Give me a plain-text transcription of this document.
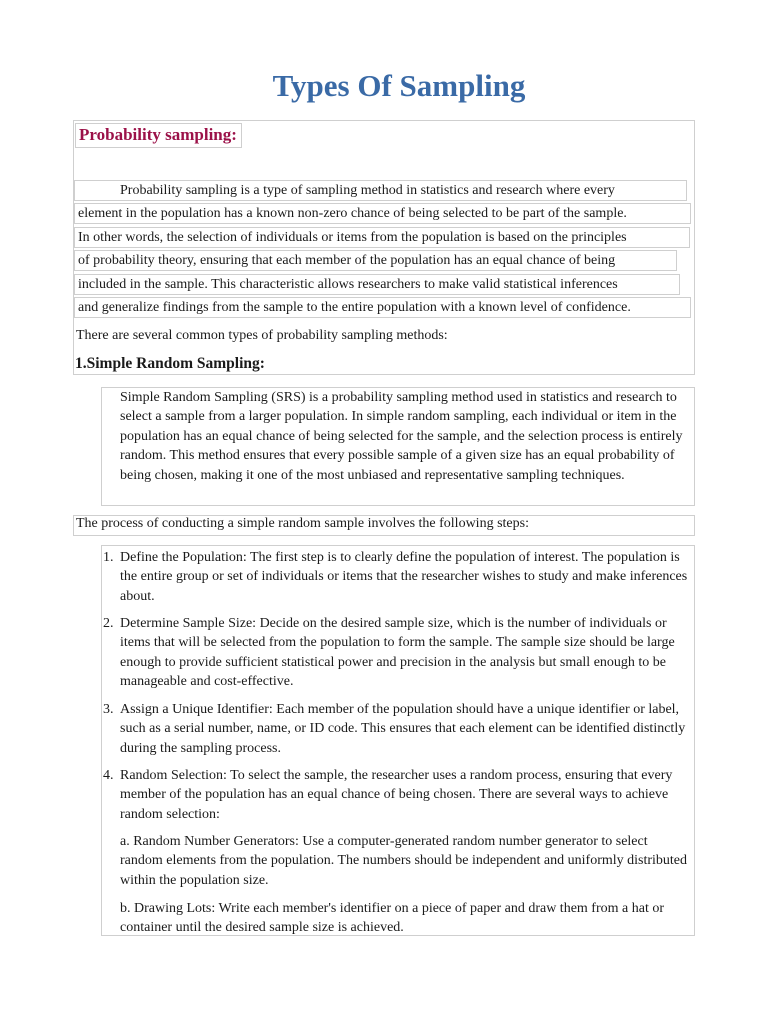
Types Of Sampling
Probability sampling:
Probability sampling is a type of sampling method in statistics and research where every
element in the population has a known non-zero chance of being selected to be part of the sample.
In other words, the selection of individuals or items from the population is based on the principles
of probability theory, ensuring that each member of the population has an equal chance of being
included in the sample. This characteristic allows researchers to make valid statistical inferences
and generalize findings from the sample to the entire population with a known level of confidence.
There are several common types of probability sampling methods:
1.Simple Random Sampling:
Simple Random Sampling (SRS) is a probability sampling method used in statistics and research to select a sample from a larger population. In simple random sampling, each individual or item in the population has an equal chance of being selected for the sample, and the selection process is entirely random. This method ensures that every possible sample of a given size has an equal probability of being chosen, making it one of the most unbiased and representative sampling techniques.
The process of conducting a simple random sample involves the following steps:
1. Define the Population: The first step is to clearly define the population of interest. The population is the entire group or set of individuals or items that the researcher wishes to study and make inferences about.
2. Determine Sample Size: Decide on the desired sample size, which is the number of individuals or items that will be selected from the population to form the sample. The sample size should be large enough to provide sufficient statistical power and precision in the analysis but small enough to be manageable and cost-effective.
3. Assign a Unique Identifier: Each member of the population should have a unique identifier or label, such as a serial number, name, or ID code. This ensures that each element can be identified distinctly during the sampling process.
4. Random Selection: To select the sample, the researcher uses a random process, ensuring that every member of the population has an equal chance of being chosen. There are several ways to achieve random selection:
a. Random Number Generators: Use a computer-generated random number generator to select random elements from the population. The numbers should be independent and uniformly distributed within the population size.
b. Drawing Lots: Write each member's identifier on a piece of paper and draw them from a hat or container until the desired sample size is achieved.
